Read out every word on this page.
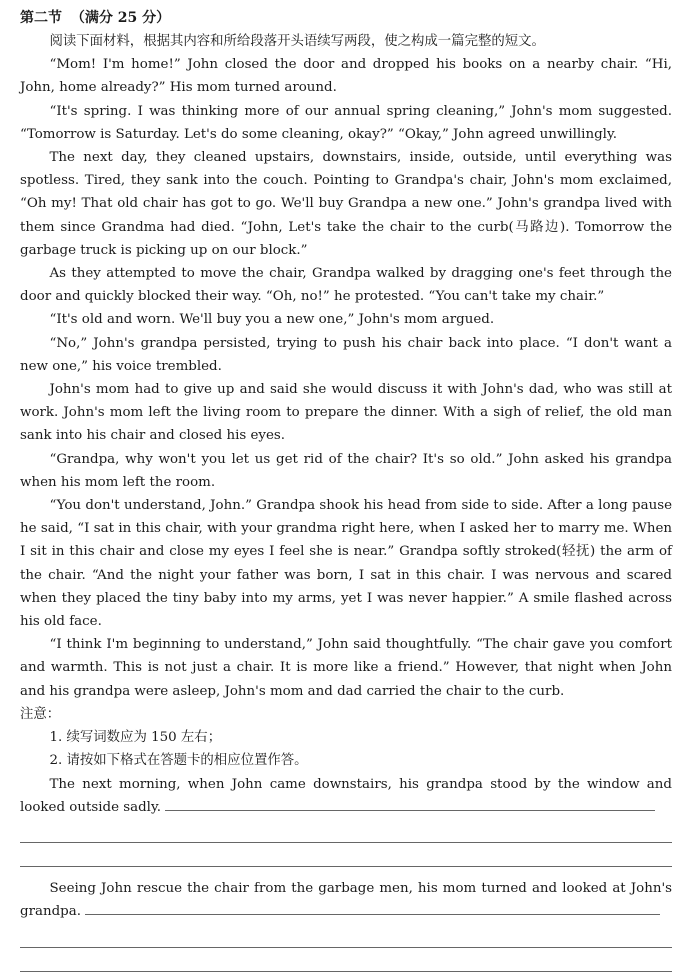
第二节 （满分 25 分）

阅读下面材料，根据其内容和所给段落开头语续写两段，使之构成一篇完整的短文。

“Mom! I'm home!” John closed the door and dropped his books on a nearby chair. “Hi, John, home already?” His mom turned around.

“It's spring. I was thinking more of our annual spring cleaning,” John's mom suggested. “Tomorrow is Saturday. Let's do some cleaning, okay?” “Okay,” John agreed unwillingly.

The next day, they cleaned upstairs, downstairs, inside, outside, until everything was spotless. Tired, they sank into the couch. Pointing to Grandpa's chair, John's mom exclaimed, “Oh my! That old chair has got to go. We'll buy Grandpa a new one.” John's grandpa lived with them since Grandma had died. “John, Let's take the chair to the curb(马路边). Tomorrow the garbage truck is picking up on our block.”

As they attempted to move the chair, Grandpa walked by dragging one's feet through the door and quickly blocked their way. “Oh, no!” he protested. “You can't take my chair.”

“It's old and worn. We'll buy you a new one,” John's mom argued.

“No,” John's grandpa persisted, trying to push his chair back into place. “I don't want a new one,” his voice trembled.

John's mom had to give up and said she would discuss it with John's dad, who was still at work. John's mom left the living room to prepare the dinner. With a sigh of relief, the old man sank into his chair and closed his eyes.

“Grandpa, why won't you let us get rid of the chair? It's so old.” John asked his grandpa when his mom left the room.

“You don't understand, John.” Grandpa shook his head from side to side. After a long pause he said, “I sat in this chair, with your grandma right here, when I asked her to marry me. When I sit in this chair and close my eyes I feel she is near.” Grandpa softly stroked(轻抚) the arm of the chair. “And the night your father was born, I sat in this chair. I was nervous and scared when they placed the tiny baby into my arms, yet I was never happier.” A smile flashed across his old face.

“I think I'm beginning to understand,” John said thoughtfully. “The chair gave you comfort and warmth. This is not just a chair. It is more like a friend.” However, that night when John and his grandpa were asleep, John's mom and dad carried the chair to the curb.

注意：

1. 续写词数应为 150 左右；

2. 请按如下格式在答题卡的相应位置作答。

The next morning, when John came downstairs, his grandpa stood by the window and looked outside sadly.

Seeing John rescue the chair from the garbage men, his mom turned and looked at John's grandpa.
